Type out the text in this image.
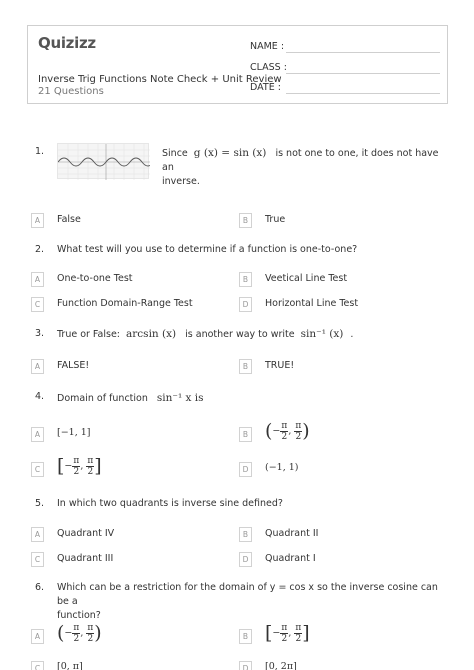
Quizizz
Inverse Trig Functions Note Check + Unit Review
21 Questions
NAME :
CLASS :
DATE :
1.	Since g (x) = sin (x) is not one to one, it does not have an
inverse.
A	False	B	True
2. What test will you use to determine if a function is one-to-one?
A	One-to-one Test	B	Veetical Line Test
C	Function Domain-Range Test	D	Horizontal Line Test
3. True or False: arcsin (x) is another way to write sin⁻¹ (x) .
A	FALSE!	B	TRUE!
4. Domain of function sin⁻¹ x is
A	[−1, 1]	B (− $\frac{\pi}{2}$ , $\frac{\pi}{2}$ )
C [− $\frac{\pi}{2}$ , $\frac{\pi}{2}$ ]	D	(−1, 1)
5. In which two quadrants is inverse sine defined?
A	Quadrant IV	B	Quadrant II
C	Quadrant III	D	Quadrant I
6. Which can be a restriction for the domain of y = cos x so the inverse cosine can be a
function?
A (− $\frac{\pi}{2}$ , $\frac{\pi}{2}$ )	B [− $\frac{\pi}{2}$ , $\frac{\pi}{2}$ ]
C	[0, π]	D	[0, 2π]
